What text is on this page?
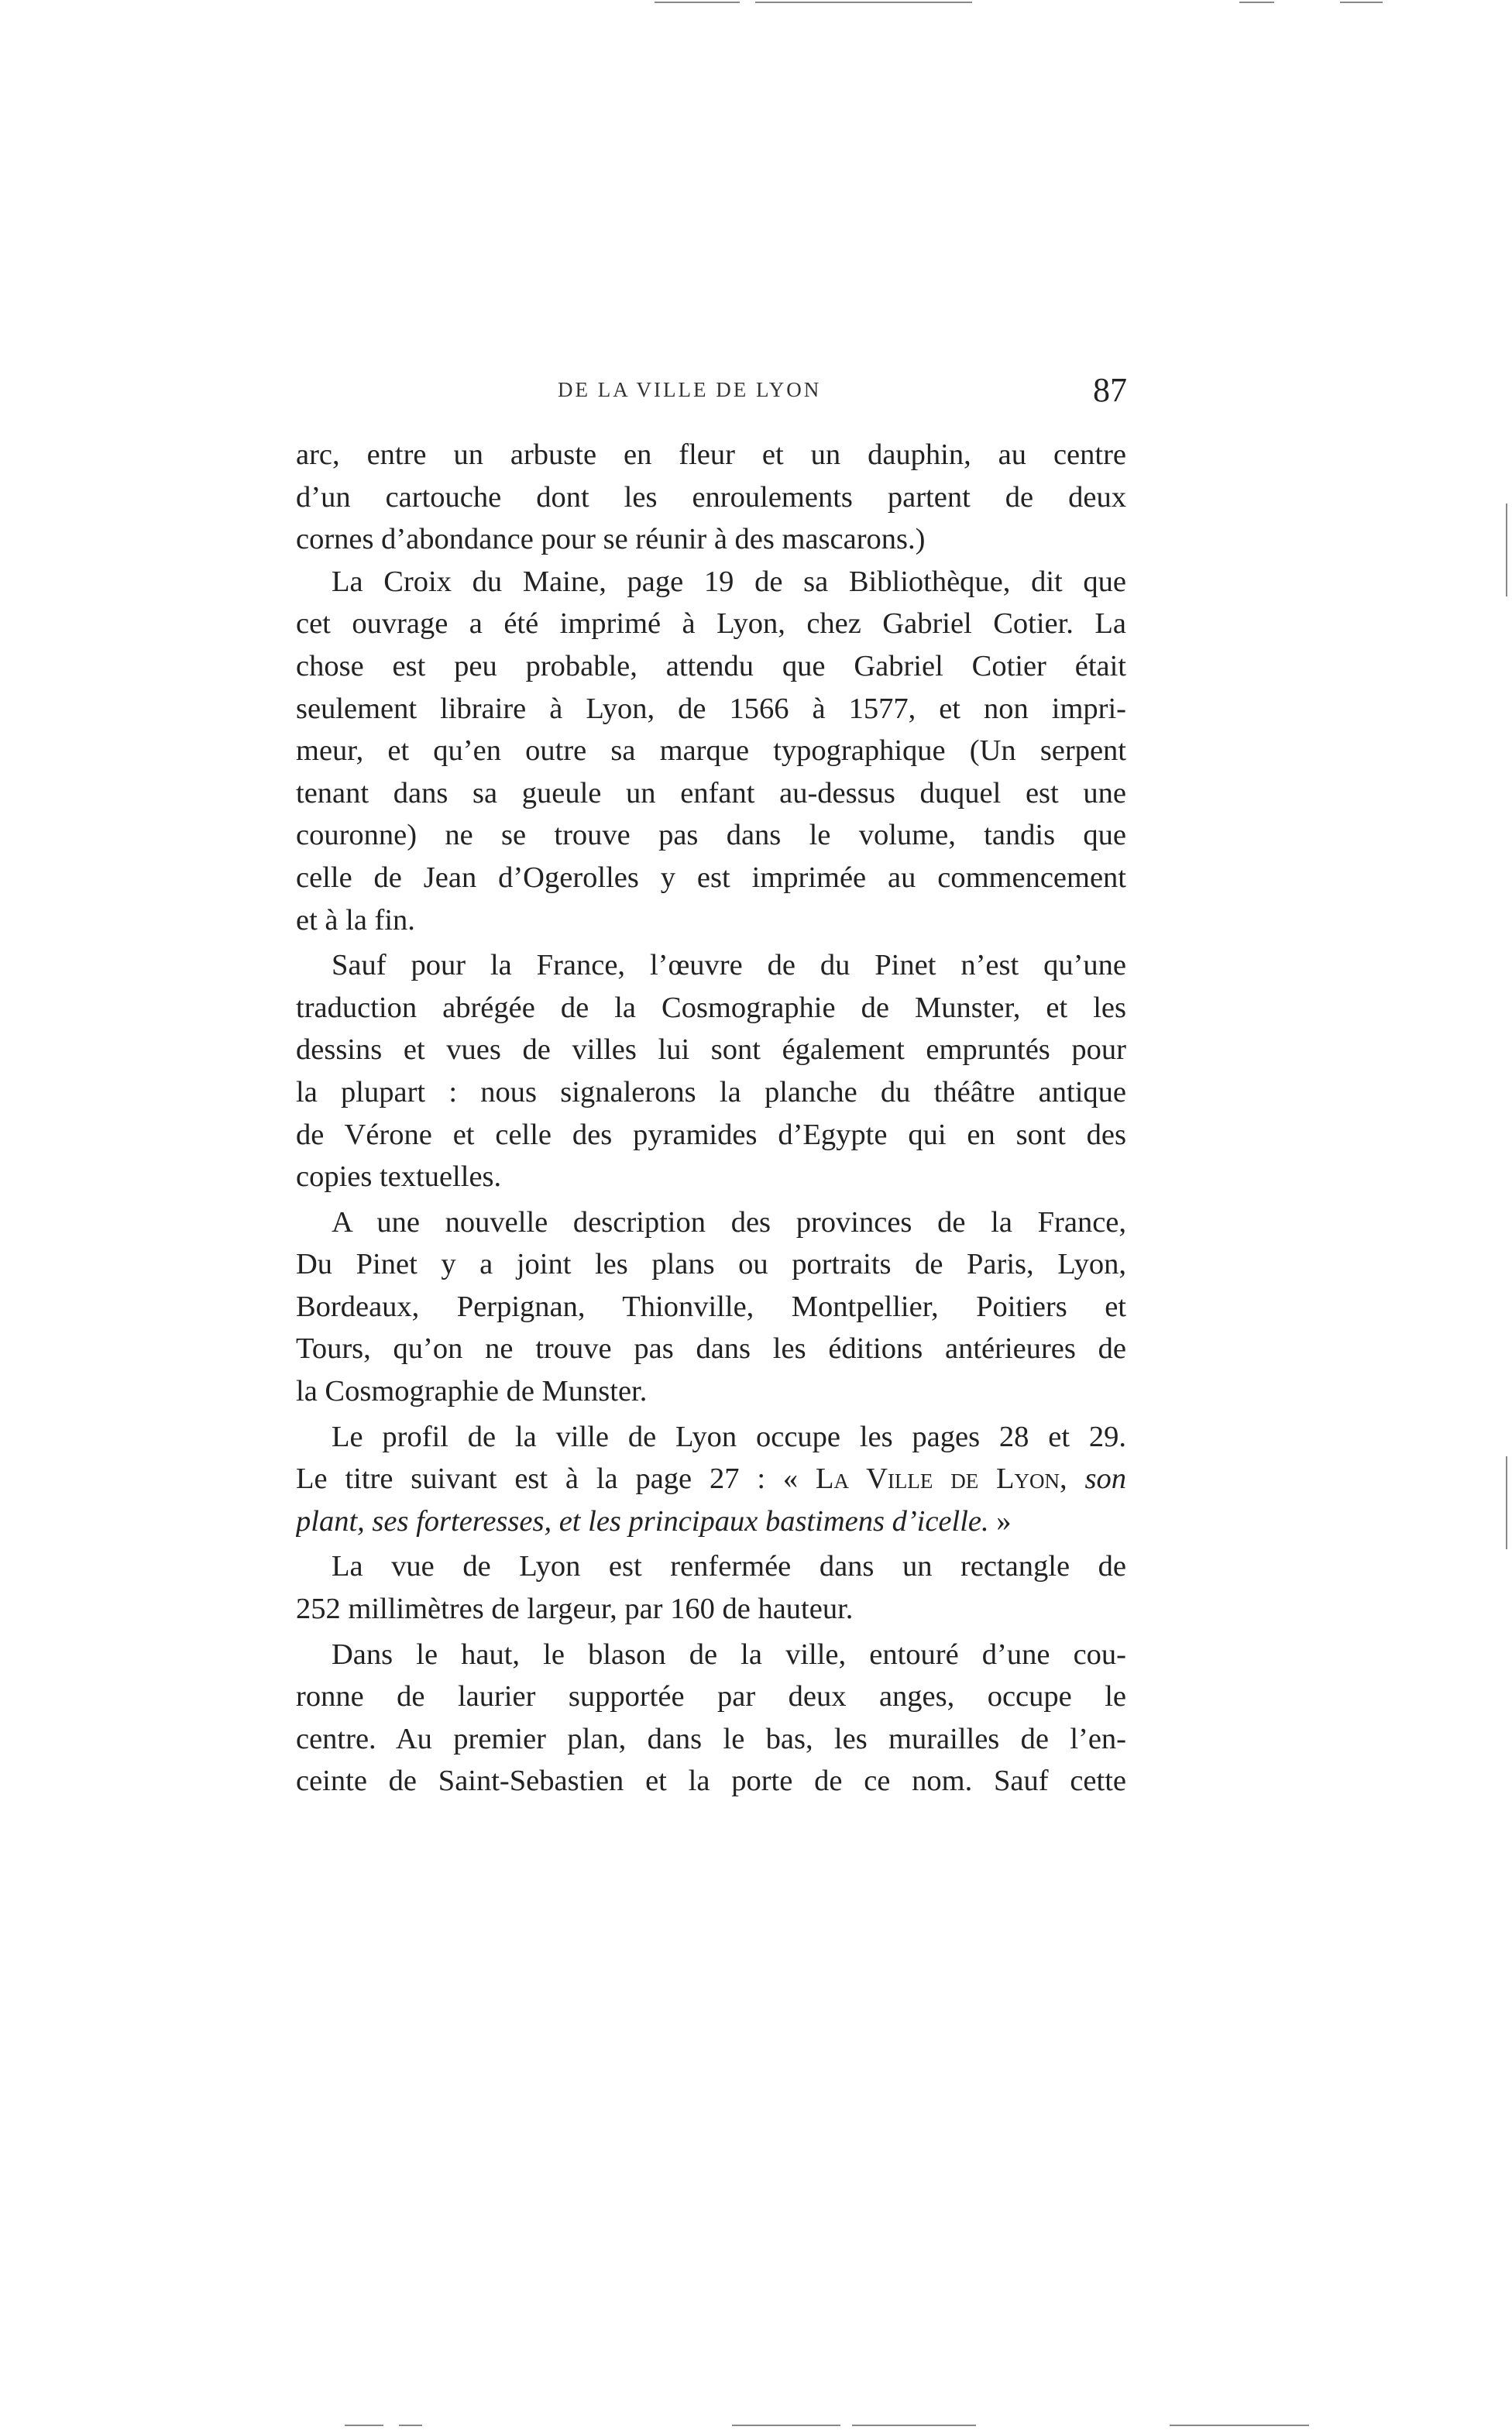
DE LA VILLE DE LYON	87

arc, entre un arbuste en fleur et un dauphin, au centre

d’un cartouche dont les enroulements partent de deux

cornes d’abondance pour se réunir à des mascarons.)

La Croix du Maine, page 19 de sa Bibliothèque, dit que

cet ouvrage a été imprimé à Lyon, chez Gabriel Cotier. La

chose est peu probable, attendu que Gabriel Cotier était

seulement libraire à Lyon, de 1566 à 1577, et non impri-

meur, et qu’en outre sa marque typographique (Un serpent

tenant dans sa gueule un enfant au-dessus duquel est une

couronne) ne se trouve pas dans le volume, tandis que

celle de Jean d’Ogerolles y est imprimée au commencement

et à la fin.

Sauf pour la France, l’œuvre de du Pinet n’est qu’une

traduction abrégée de la Cosmographie de Munster, et les

dessins et vues de villes lui sont également empruntés pour

la plupart : nous signalerons la planche du théâtre antique

de Vérone et celle des pyramides d’Egypte qui en sont des

copies textuelles.

A une nouvelle description des provinces de la France,

Du Pinet y a joint les plans ou portraits de Paris, Lyon,

Bordeaux, Perpignan, Thionville, Montpellier, Poitiers et

Tours, qu’on ne trouve pas dans les éditions antérieures de

la Cosmographie de Munster.

Le profil de la ville de Lyon occupe les pages 28 et 29.

Le titre suivant est à la page 27 : « La Ville de Lyon, son

plant, ses forteresses, et les principaux bastimens d’icelle. »

La vue de Lyon est renfermée dans un rectangle de

252 millimètres de largeur, par 160 de hauteur.

Dans le haut, le blason de la ville, entouré d’une cou-

ronne de laurier supportée par deux anges, occupe le

centre. Au premier plan, dans le bas, les murailles de l’en-

ceinte de Saint-Sebastien et la porte de ce nom. Sauf cette
